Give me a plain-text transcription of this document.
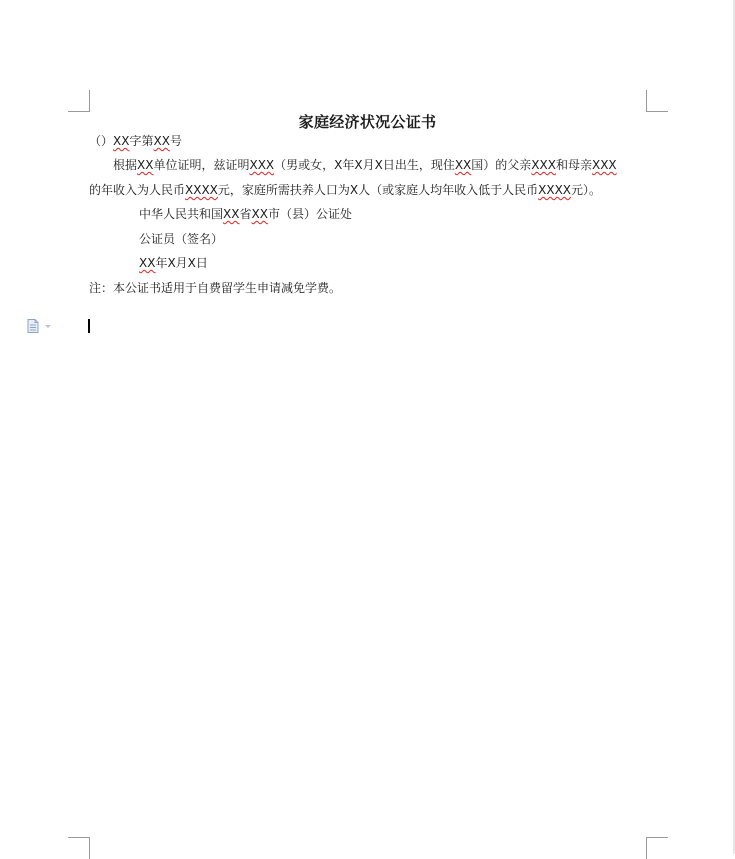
家庭经济状况公证书
（）XX字第XX号
根据XX单位证明，兹证明XXX（男或女，X年X月X日出生，现住XX国）的父亲XXX和母亲XXX
的年收入为人民币XXXX元，家庭所需扶养人口为X人（或家庭人均年收入低于人民币XXXX元）。
中华人民共和国XX省XX市（县）公证处
公证员（签名）
XX年X月X日
注：本公证书适用于自费留学生申请减免学费。
